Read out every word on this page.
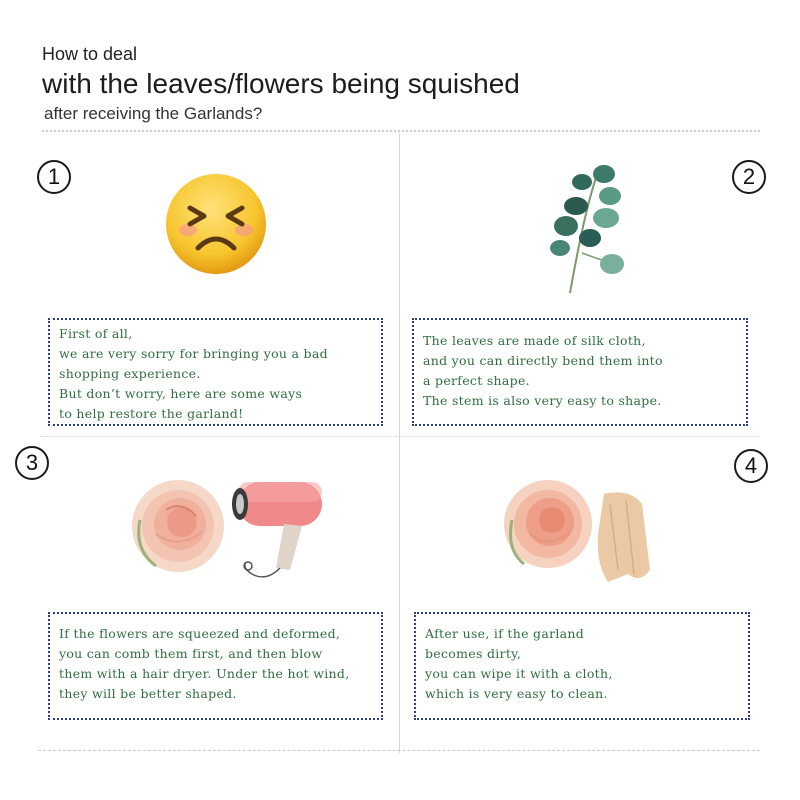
How to deal
with the leaves/flowers being squished
after receiving the Garlands?
1
First of all,
we are very sorry for bringing you a bad
shopping experience.
But don’t worry, here are some ways
to help restore the garland!
2
The leaves are made of silk cloth,
and you can directly bend them into
a perfect shape.
The stem is also very easy to shape.
3
If the flowers are squeezed and deformed,
you can comb them first, and then blow
them with a hair dryer. Under the hot wind,
they will be better shaped.
4
After use, if the garland
becomes dirty,
you can wipe it with a cloth,
which is very easy to clean.
